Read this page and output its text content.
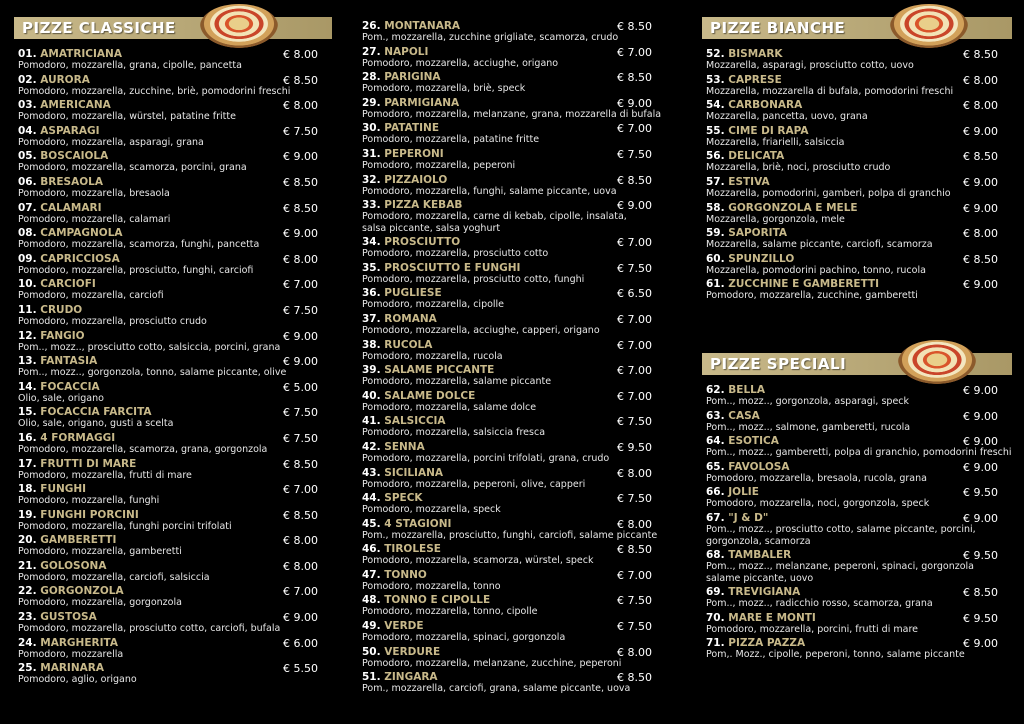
PIZZE CLASSICHE
01. AMATRICIANA
Pomodoro, mozzarella, grana, cipolle, pancetta
€ 8.00
02. AURORA
Pomodoro, mozzarella, zucchine, briè, pomodorini freschi
€ 8.50
03. AMERICANA
Pomodoro, mozzarella, würstel, patatine fritte
€ 8.00
04. ASPARAGI
Pomodoro, mozzarella, asparagi, grana
€ 7.50
05. BOSCAIOLA
Pomodoro, mozzarella, scamorza, porcini, grana
€ 9.00
06. BRESAOLA
Pomodoro, mozzarella, bresaola
€ 8.50
07. CALAMARI
Pomodoro, mozzarella, calamari
€ 8.50
08. CAMPAGNOLA
Pomodoro, mozzarella, scamorza, funghi, pancetta
€ 9.00
09. CAPRICCIOSA
Pomodoro, mozzarella, prosciutto, funghi, carciofi
€ 8.00
10. CARCIOFI
Pomodoro, mozzarella, carciofi
€ 7.00
11. CRUDO
Pomodoro, mozzarella, prosciutto crudo
€ 7.50
12. FANGIO
Pom.., mozz.., prosciutto cotto, salsiccia, porcini, grana
€ 9.00
13. FANTASIA
Pom.., mozz.., gorgonzola, tonno, salame piccante, olive
€ 9.00
14. FOCACCIA
Olio, sale, origano
€ 5.00
15. FOCACCIA FARCITA
Olio, sale, origano, gusti a scelta
€ 7.50
16. 4 FORMAGGI
Pomodoro, mozzarella, scamorza, grana, gorgonzola
€ 7.50
17. FRUTTI DI MARE
Pomodoro, mozzarella, frutti di mare
€ 8.50
18. FUNGHI
Pomodoro, mozzarella, funghi
€ 7.00
19. FUNGHI PORCINI
Pomodoro, mozzarella, funghi porcini trifolati
€ 8.50
20. GAMBERETTI
Pomodoro, mozzarella, gamberetti
€ 8.00
21. GOLOSONA
Pomodoro, mozzarella, carciofi, salsiccia
€ 8.00
22. GORGONZOLA
Pomodoro, mozzarella, gorgonzola
€ 7.00
23. GUSTOSA
Pomodoro, mozzarella, prosciutto cotto, carciofi, bufala
€ 9.00
24. MARGHERITA
Pomodoro, mozzarella
€ 6.00
25. MARINARA
Pomodoro, aglio, origano
€ 5.50
26. MONTANARA
Pom., mozzarella, zucchine grigliate, scamorza, crudo
€ 8.50
27. NAPOLI
Pomodoro, mozzarella, acciughe, origano
€ 7.00
28. PARIGINA
Pomodoro, mozzarella, briè, speck
€ 8.50
29. PARMIGIANA
Pomodoro, mozzarella, melanzane, grana, mozzarella di bufala
€ 9.00
30. PATATINE
Pomodoro, mozzarella, patatine fritte
€ 7.00
31. PEPERONI
Pomodoro, mozzarella, peperoni
€ 7.50
32. PIZZAIOLO
Pomodoro, mozzarella, funghi, salame piccante, uova
€ 8.50
33. PIZZA KEBAB
Pomodoro, mozzarella, carne di kebab, cipolle, insalata,
salsa piccante, salsa yoghurt
€ 9.00
34. PROSCIUTTO
Pomodoro, mozzarella, prosciutto cotto
€ 7.00
35. PROSCIUTTO E FUNGHI
Pomodoro, mozzarella, prosciutto cotto, funghi
€ 7.50
36. PUGLIESE
Pomodoro, mozzarella, cipolle
€ 6.50
37. ROMANA
Pomodoro, mozzarella, acciughe, capperi, origano
€ 7.00
38. RUCOLA
Pomodoro, mozzarella, rucola
€ 7.00
39. SALAME PICCANTE
Pomodoro, mozzarella, salame piccante
€ 7.00
40. SALAME DOLCE
Pomodoro, mozzarella, salame dolce
€ 7.00
41. SALSICCIA
Pomodoro, mozzarella, salsiccia fresca
€ 7.50
42. SENNA
Pomodoro, mozzarella, porcini trifolati, grana, crudo
€ 9.50
43. SICILIANA
Pomodoro, mozzarella, peperoni, olive, capperi
€ 8.00
44. SPECK
Pomodoro, mozzarella, speck
€ 7.50
45. 4 STAGIONI
Pom., mozzarella, prosciutto, funghi, carciofi, salame piccante
€ 8.00
46. TIROLESE
Pomodoro, mozzarella, scamorza, würstel, speck
€ 8.50
47. TONNO
Pomodoro, mozzarella, tonno
€ 7.00
48. TONNO E CIPOLLE
Pomodoro, mozzarella, tonno, cipolle
€ 7.50
49. VERDE
Pomodoro, mozzarella, spinaci, gorgonzola
€ 7.50
50. VERDURE
Pomodoro, mozzarella, melanzane, zucchine, peperoni
€ 8.00
51. ZINGARA
Pom., mozzarella, carciofi, grana, salame piccante, uova
€ 8.50
PIZZE BIANCHE
52. BISMARK
Mozzarella, asparagi, prosciutto cotto, uovo
€ 8.50
53. CAPRESE
Mozzarella, mozzarella di bufala, pomodorini freschi
€ 8.00
54. CARBONARA
Mozzarella, pancetta, uovo, grana
€ 8.00
55. CIME DI RAPA
Mozzarella, friarielli, salsiccia
€ 9.00
56. DELICATA
Mozzarella, briè, noci, prosciutto crudo
€ 8.50
57. ESTIVA
Mozzarella, pomodorini, gamberi, polpa di granchio
€ 9.00
58. GORGONZOLA E MELE
Mozzarella, gorgonzola, mele
€ 9.00
59. SAPORITA
Mozzarella, salame piccante, carciofi, scamorza
€ 8.00
60. SPUNZILLO
Mozzarella, pomodorini pachino, tonno, rucola
€ 8.50
61. ZUCCHINE E GAMBERETTI
Pomodoro, mozzarella, zucchine, gamberetti
€ 9.00
PIZZE SPECIALI
62. BELLA
Pom.., mozz.., gorgonzola, asparagi, speck
€ 9.00
63. CASA
Pom.., mozz.., salmone, gamberetti, rucola
€ 9.00
64. ESOTICA
Pom.., mozz.., gamberetti, polpa di granchio, pomodorini freschi
€ 9.00
65. FAVOLOSA
Pomodoro, mozzarella, bresaola, rucola, grana
€ 9.00
66. JOLIE
Pomodoro, mozzarella, noci, gorgonzola, speck
€ 9.50
67. "J & D"
Pom.., mozz.., prosciutto cotto, salame piccante, porcini,
gorgonzola, scamorza
€ 9.00
68. TAMBALER
Pom.., mozz.., melanzane, peperoni, spinaci, gorgonzola
salame piccante, uovo
€ 9.50
69. TREVIGIANA
Pom.., mozz.., radicchio rosso, scamorza, grana
€ 8.50
70. MARE E MONTI
Pomodoro, mozzarella, porcini, frutti di mare
€ 9.50
71. PIZZA PAZZA
Pom,. Mozz., cipolle, peperoni, tonno, salame piccante
€ 9.00
